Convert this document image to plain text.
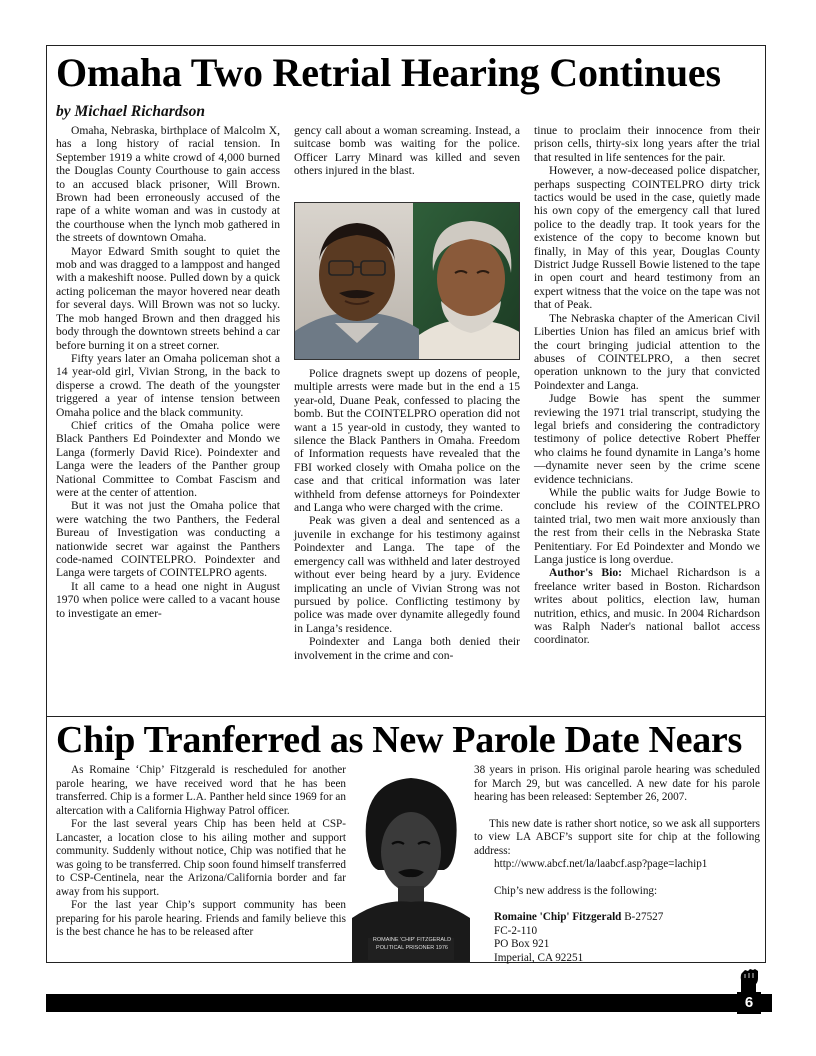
Omaha Two Retrial Hearing Continues

by Michael Richardson

Omaha, Nebraska, birthplace of Malcolm X, has a long history of racial tension. In September 1919 a white crowd of 4,000 burned the Douglas County Courthouse to gain access to an accused black prisoner, Will Brown. Brown had been erroneously accused of the rape of a white woman and was in custody at the courthouse when the lynch mob gathered in the streets of downtown Omaha.

Mayor Edward Smith sought to quiet the mob and was dragged to a lamppost and hanged with a makeshift noose. Pulled down by a quick acting policeman the mayor hovered near death for several days. Will Brown was not so lucky. The mob hanged Brown and then dragged his body through the downtown streets behind a car before burning it on a street corner.

Fifty years later an Omaha policeman shot a 14 year-old girl, Vivian Strong, in the back to disperse a crowd. The death of the youngster triggered a year of intense tension between Omaha police and the black community.

Chief critics of the Omaha police were Black Panthers Ed Poindexter and Mondo we Langa (formerly David Rice). Poindexter and Langa were the leaders of the Panther group National Committee to Combat Fascism and were at the center of attention.

But it was not just the Omaha police that were watching the two Panthers, the Federal Bureau of Investigation was conducting a nationwide secret war against the Panthers code-named COINTELPRO. Poindexter and Langa were targets of COINTELPRO agents.

It all came to a head one night in August 1970 when police were called to a vacant house to investigate an emer-

gency call about a woman screaming. Instead, a suitcase bomb was waiting for the police. Officer Larry Minard was killed and seven others injured in the blast.

Police dragnets swept up dozens of people, multiple arrests were made but in the end a 15 year-old, Duane Peak, confessed to placing the bomb. But the COINTELPRO operation did not want a 15 year-old in custody, they wanted to silence the Black Panthers in Omaha. Freedom of Information requests have revealed that the FBI worked closely with Omaha police on the case and that critical information was later withheld from defense attorneys for Poindexter and Langa who were charged with the crime.

Peak was given a deal and sentenced as a juvenile in exchange for his testimony against Poindexter and Langa. The tape of the emergency call was withheld and later destroyed without ever being heard by a jury. Evidence implicating an uncle of Vivian Strong was not pursued by police. Conflicting testimony by police was made over dynamite allegedly found in Langa’s residence.

Poindexter and Langa both denied their involvement in the crime and con-

tinue to proclaim their innocence from their prison cells, thirty-six long years after the trial that resulted in life sentences for the pair.

However, a now-deceased police dispatcher, perhaps suspecting COINTELPRO dirty trick tactics would be used in the case, quietly made his own copy of the emergency call that lured police to the deadly trap. It took years for the existence of the copy to become known but finally, in May of this year, Douglas County District Judge Russell Bowie listened to the tape in open court and heard testimony from an expert witness that the voice on the tape was not that of Peak.

The Nebraska chapter of the American Civil Liberties Union has filed an amicus brief with the court bringing judicial attention to the abuses of COINTELPRO, a then secret operation unknown to the jury that convicted Poindexter and Langa.

Judge Bowie has spent the summer reviewing the 1971 trial transcript, studying the legal briefs and considering the contradictory testimony of police detective Robert Pheffer who claims he found dynamite in Langa’s home—dynamite never seen by the crime scene evidence technicians.

While the public waits for Judge Bowie to conclude his review of the COINTELPRO tainted trial, two men wait more anxiously than the rest from their cells in the Nebraska State Penitentiary. For Ed Poindexter and Mondo we Langa justice is long overdue.

Author's Bio: Michael Richardson is a freelance writer based in Boston. Richardson writes about politics, election law, human nutrition, ethics, and music. In 2004 Richardson was Ralph Nader's national ballot access coordinator.

Chip Tranferred as New Parole Date Nears

As Romaine ‘Chip’ Fitzgerald is rescheduled for another parole hearing, we have received word that he has been transferred. Chip is a former L.A. Panther held since 1969 for an altercation with a California Highway Patrol officer.

For the last several years Chip has been held at CSP-Lancaster, a location close to his ailing mother and support community. Suddenly without notice, Chip was notified that he was going to be transferred. Chip soon found himself transferred to CSP-Centinela, near the Arizona/California border and far away from his support.

For the last year Chip’s support community has been preparing for his parole hearing. Friends and family believe this is the best chance he has to be released after

ROMAINE 'CHIP' FITZGERALD
POLITICAL PRISONER 1976

38 years in prison. His original parole hearing was scheduled for March 29, but was cancelled. A new date for his parole hearing has been released: September 26, 2007.

This new date is rather short notice, so we ask all supporters to view LA ABCF’s support site for chip at the following address:

http://www.abcf.net/la/laabcf.asp?page=lachip1

Chip’s new address is the following:

Romaine 'Chip' Fitzgerald B-27527

FC-2-110

PO Box 921

Imperial, CA 92251

6
